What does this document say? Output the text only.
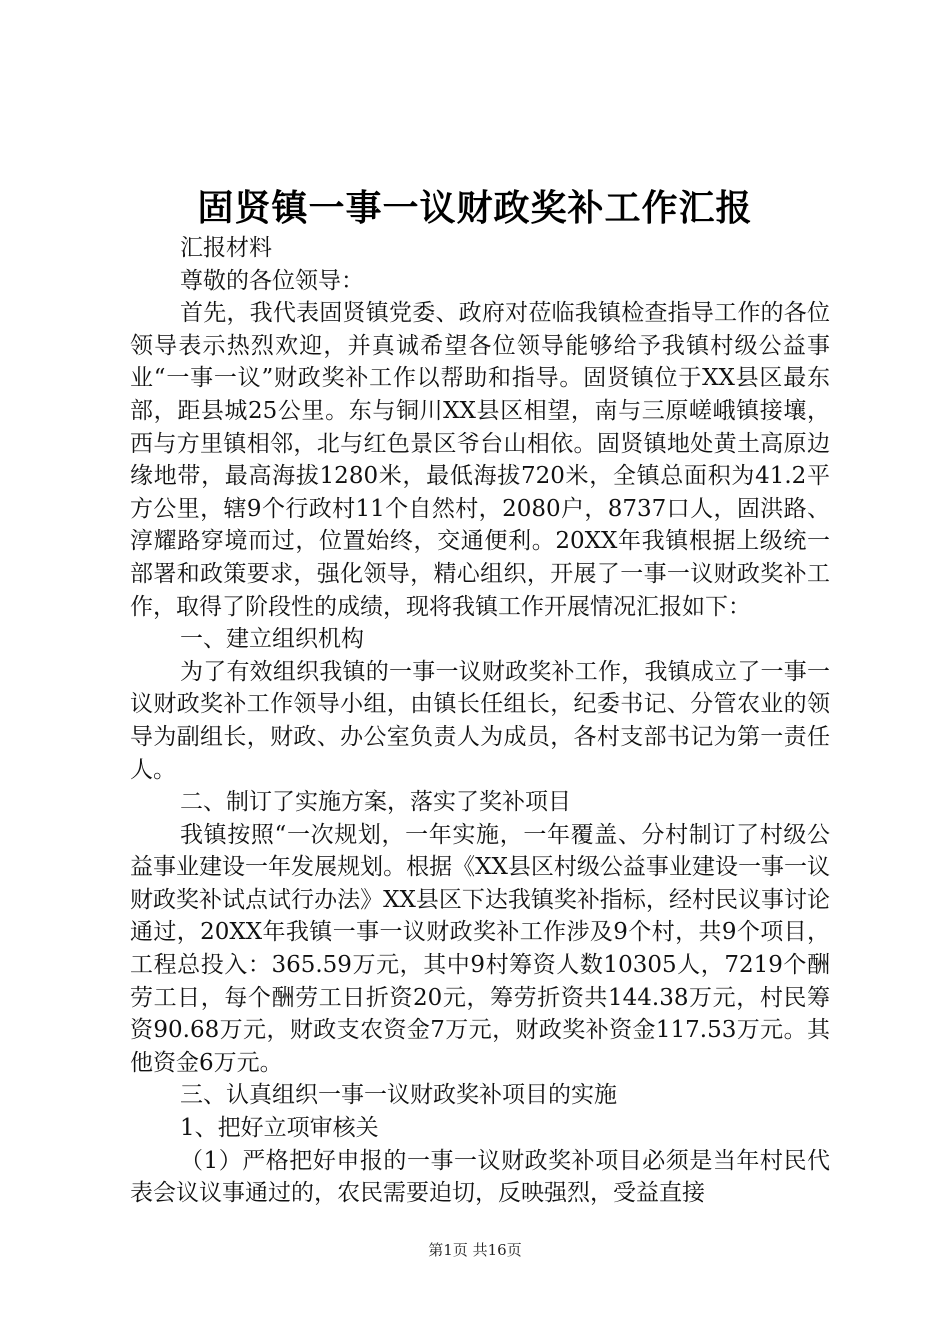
固贤镇一事一议财政奖补工作汇报

汇报材料

尊敬的各位领导：

首先，我代表固贤镇党委、政府对莅临我镇检查指导工作的各位领导表示热烈欢迎，并真诚希望各位领导能够给予我镇村级公益事业“一事一议”财政奖补工作以帮助和指导。固贤镇位于XX县区最东部，距县城25公里。东与铜川XX县区相望，南与三原嵯峨镇接壤，西与方里镇相邻，北与红色景区爷台山相依。固贤镇地处黄土高原边缘地带，最高海拔1280米，最低海拔720米，全镇总面积为41.2平方公里，辖9个行政村11个自然村，2080户，8737口人，固洪路、淳耀路穿境而过，位置始终，交通便利。20XX年我镇根据上级统一部署和政策要求，强化领导，精心组织，开展了一事一议财政奖补工作，取得了阶段性的成绩，现将我镇工作开展情况汇报如下：

一、建立组织机构

为了有效组织我镇的一事一议财政奖补工作，我镇成立了一事一议财政奖补工作领导小组，由镇长任组长，纪委书记、分管农业的领导为副组长，财政、办公室负责人为成员，各村支部书记为第一责任人。

二、制订了实施方案，落实了奖补项目

我镇按照“一次规划，一年实施，一年覆盖、分村制订了村级公益事业建设一年发展规划。根据《XX县区村级公益事业建设一事一议财政奖补试点试行办法》XX县区下达我镇奖补指标，经村民议事讨论通过，20XX年我镇一事一议财政奖补工作涉及9个村，共9个项目，工程总投入：365.59万元，其中9村筹资人数10305人，7219个酬劳工日，每个酬劳工日折资20元，筹劳折资共144.38万元，村民筹资90.68万元，财政支农资金7万元，财政奖补资金117.53万元。其他资金6万元。

三、认真组织一事一议财政奖补项目的实施

1、把好立项审核关

（1）严格把好申报的一事一议财政奖补项目必须是当年村民代表会议议事通过的，农民需要迫切，反映强烈，受益直接

第1页 共16页
